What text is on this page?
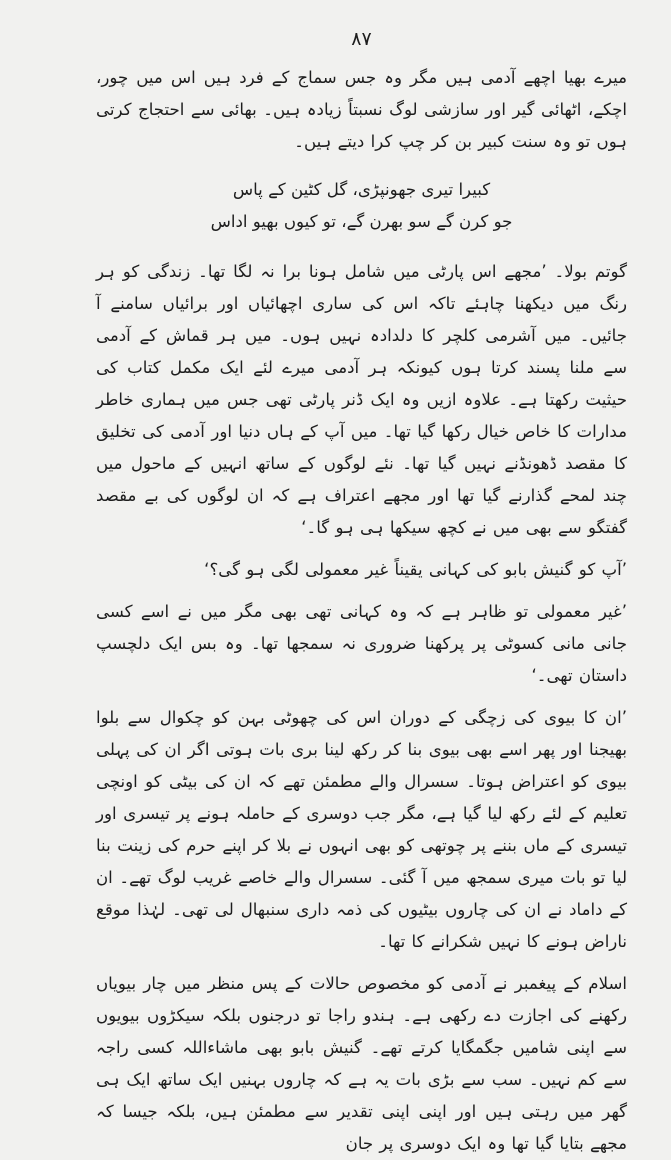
۸۷

میرے بھیا اچھے آدمی ہیں مگر وہ جس سماج کے فرد ہیں اس میں چور، اچکے، اٹھائی گیر اور سازشی لوگ نسبتاً زیادہ ہیں۔ بھائی سے احتجاج کرتی ہوں تو وہ سنت کبیر بن کر چپ کرا دیتے ہیں۔

کبیرا تیری جھونپڑی، گل کٹین کے پاس
جو کرن گے سو بھرن گے، تو کیوں بھیو اداس

گوتم بولا۔ ’مجھے اس پارٹی میں شامل ہونا برا نہ لگا تھا۔ زندگی کو ہر رنگ میں دیکھنا چاہئے تاکہ اس کی ساری اچھائیاں اور برائیاں سامنے آ جائیں۔ میں آشرمی کلچر کا دلدادہ نہیں ہوں۔ میں ہر قماش کے آدمی سے ملنا پسند کرتا ہوں کیونکہ ہر آدمی میرے لئے ایک مکمل کتاب کی حیثیت رکھتا ہے۔ علاوہ ازیں وہ ایک ڈنر پارٹی تھی جس میں ہماری خاطر مدارات کا خاص خیال رکھا گیا تھا۔ میں آپ کے ہاں دنیا اور آدمی کی تخلیق کا مقصد ڈھونڈنے نہیں گیا تھا۔ نئے لوگوں کے ساتھ انہیں کے ماحول میں چند لمحے گذارنے گیا تھا اور مجھے اعتراف ہے کہ ان لوگوں کی بے مقصد گفتگو سے بھی میں نے کچھ سیکھا ہی ہو گا۔‘

’آپ کو گنیش بابو کی کہانی یقیناً غیر معمولی لگی ہو گی؟‘

’غیر معمولی تو ظاہر ہے کہ وہ کہانی تھی بھی مگر میں نے اسے کسی جانی مانی کسوٹی پر پرکھنا ضروری نہ سمجھا تھا۔ وہ بس ایک دلچسپ داستان تھی۔‘

’ان کا بیوی کی زچگی کے دوران اس کی چھوٹی بہن کو چکوال سے بلوا بھیجنا اور پھر اسے بھی بیوی بنا کر رکھ لینا بری بات ہوتی اگر ان کی پہلی بیوی کو اعتراض ہوتا۔ سسرال والے مطمئن تھے کہ ان کی بیٹی کو اونچی تعلیم کے لئے رکھ لیا گیا ہے، مگر جب دوسری کے حاملہ ہونے پر تیسری اور تیسری کے ماں بننے پر چوتھی کو بھی انہوں نے بلا کر اپنے حرم کی زینت بنا لیا تو بات میری سمجھ میں آ گئی۔ سسرال والے خاصے غریب لوگ تھے۔ ان کے داماد نے ان کی چاروں بیٹیوں کی ذمہ داری سنبھال لی تھی۔ لہٰذا موقع ناراض ہونے کا نہیں شکرانے کا تھا۔

اسلام کے پیغمبر نے آدمی کو مخصوص حالات کے پس منظر میں چار بیویاں رکھنے کی اجازت دے رکھی ہے۔ ہندو راجا تو درجنوں بلکہ سیکڑوں بیویوں سے اپنی شامیں جگمگایا کرتے تھے۔ گنیش بابو بھی ماشاءاللہ کسی راجہ سے کم نہیں۔ سب سے بڑی بات یہ ہے کہ چاروں بہنیں ایک ساتھ ایک ہی گھر میں رہتی ہیں اور اپنی اپنی تقدیر سے مطمئن ہیں، بلکہ جیسا کہ مجھے بتایا گیا تھا وہ ایک دوسری پر جان
